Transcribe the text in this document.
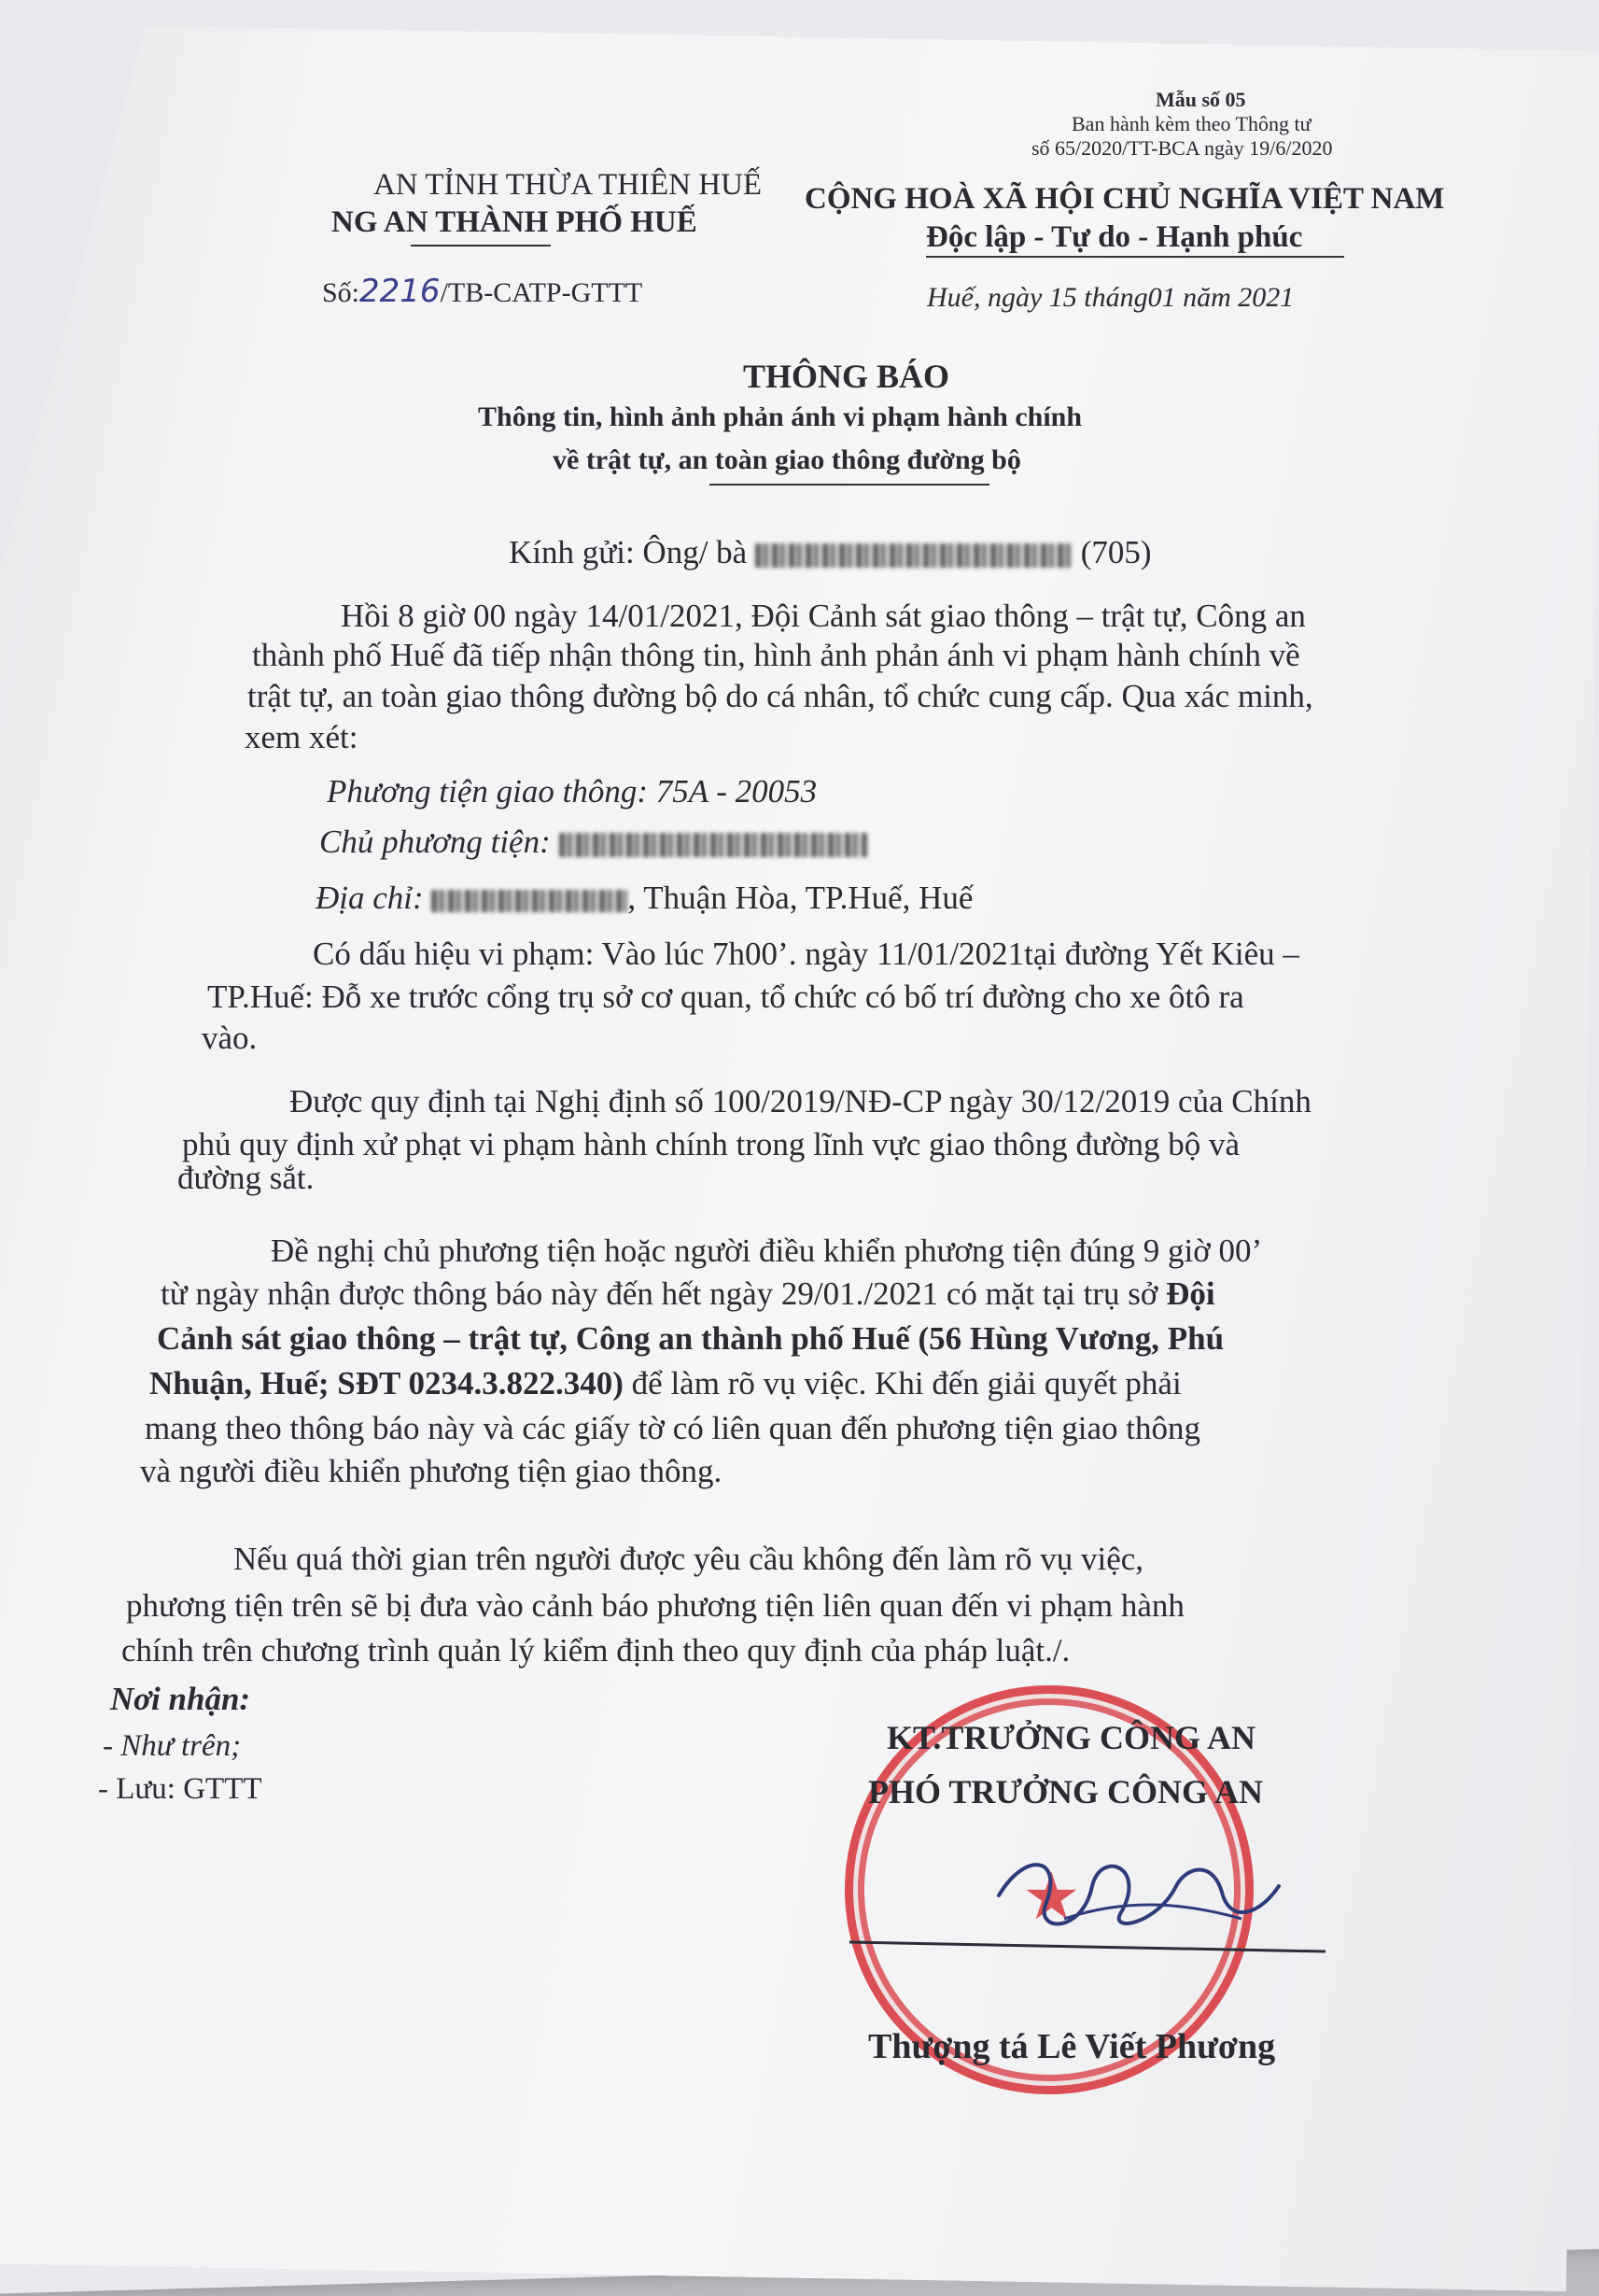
Mẫu số 05
Ban hành kèm theo Thông tư
số 65/2020/TT-BCA ngày 19/6/2020
AN TỈNH THỪA THIÊN HUẾ
NG AN THÀNH PHỐ HUẾ
Số:2216/TB-CATP-GTTT
CỘNG HOÀ XÃ HỘI CHỦ NGHĨA VIỆT NAM
Độc lập - Tự do - Hạnh phúc
Huế, ngày 15 tháng01 năm 2021
THÔNG BÁO
Thông tin, hình ảnh phản ánh vi phạm hành chính
về trật tự, an toàn giao thông đường bộ
Kính gửi: Ông/ bà	(705)
Hồi 8 giờ 00 ngày 14/01/2021, Đội Cảnh sát giao thông – trật tự, Công an
thành phố Huế đã tiếp nhận thông tin, hình ảnh phản ánh vi phạm hành chính về
trật tự, an toàn giao thông đường bộ do cá nhân, tổ chức cung cấp. Qua xác minh,
xem xét:
Phương tiện giao thông: 75A - 20053
Chủ phương tiện:
Địa chỉ:	, Thuận Hòa, TP.Huế, Huế
Có dấu hiệu vi phạm: Vào lúc 7h00’. ngày 11/01/2021tại đường Yết Kiêu –
TP.Huế: Đỗ xe trước cổng trụ sở cơ quan, tổ chức có bố trí đường cho xe ôtô ra
vào.
Được quy định tại Nghị định số 100/2019/NĐ-CP ngày 30/12/2019 của Chính
phủ quy định xử phạt vi phạm hành chính trong lĩnh vực giao thông đường bộ và
đường sắt.
Đề nghị chủ phương tiện hoặc người điều khiển phương tiện đúng 9 giờ 00’
từ ngày nhận được thông báo này đến hết ngày 29/01./2021 có mặt tại trụ sở Đội
Cảnh sát giao thông – trật tự, Công an thành phố Huế (56 Hùng Vương, Phú
Nhuận, Huế; SĐT 0234.3.822.340) để làm rõ vụ việc. Khi đến giải quyết phải
mang theo thông báo này và các giấy tờ có liên quan đến phương tiện giao thông
và người điều khiển phương tiện giao thông.
Nếu quá thời gian trên người được yêu cầu không đến làm rõ vụ việc,
phương tiện trên sẽ bị đưa vào cảnh báo phương tiện liên quan đến vi phạm hành
chính trên chương trình quản lý kiểm định theo quy định của pháp luật./.
Nơi nhận:
- Như trên;
- Lưu: GTTT
★
KT.TRƯỞNG CÔNG AN
PHÓ TRƯỞNG CÔNG AN
Thượng tá Lê Viết Phương
